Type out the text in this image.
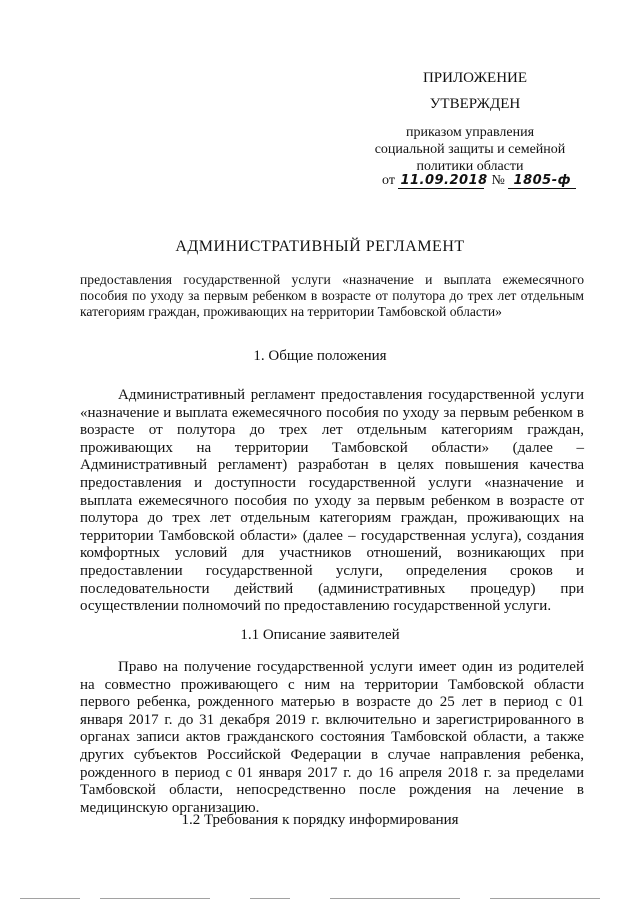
ПРИЛОЖЕНИЕ
УТВЕРЖДЕН
приказом управления
социальной защиты и семейной
политики области
от 11.09.2018 № 1805-ф
АДМИНИСТРАТИВНЫЙ РЕГЛАМЕНТ
предоставления государственной услуги «назначение и выплата ежемесячного пособия по уходу за первым ребенком в возрасте от полутора до трех лет отдельным категориям граждан, проживающих на территории Тамбовской области»
1. Общие положения
Административный регламент предоставления государственной услуги «назначение и выплата ежемесячного пособия по уходу за первым ребенком в возрасте от полутора до трех лет отдельным категориям граждан, проживающих на территории Тамбовской области» (далее – Административный регламент) разработан в целях повышения качества предоставления и доступности государственной услуги «назначение и выплата ежемесячного пособия по уходу за первым ребенком в возрасте от полутора до трех лет отдельным категориям граждан, проживающих на территории Тамбовской области» (далее – государственная услуга), создания комфортных условий для участников отношений, возникающих при предоставлении государственной услуги, определения сроков и последовательности действий (административных процедур) при осуществлении полномочий по предоставлению государственной услуги.
1.1 Описание заявителей
Право на получение государственной услуги имеет один из родителей на совместно проживающего с ним на территории Тамбовской области первого ребенка, рожденного матерью в возрасте до 25 лет в период с 01 января 2017 г. до 31 декабря 2019 г. включительно и зарегистрированного в органах записи актов гражданского состояния Тамбовской области, а также других субъектов Российской Федерации в случае направления ребенка, рожденного в период с 01 января 2017 г. до 16 апреля 2018 г. за пределами Тамбовской области, непосредственно после рождения на лечение в медицинскую организацию.
1.2 Требования к порядку информирования
